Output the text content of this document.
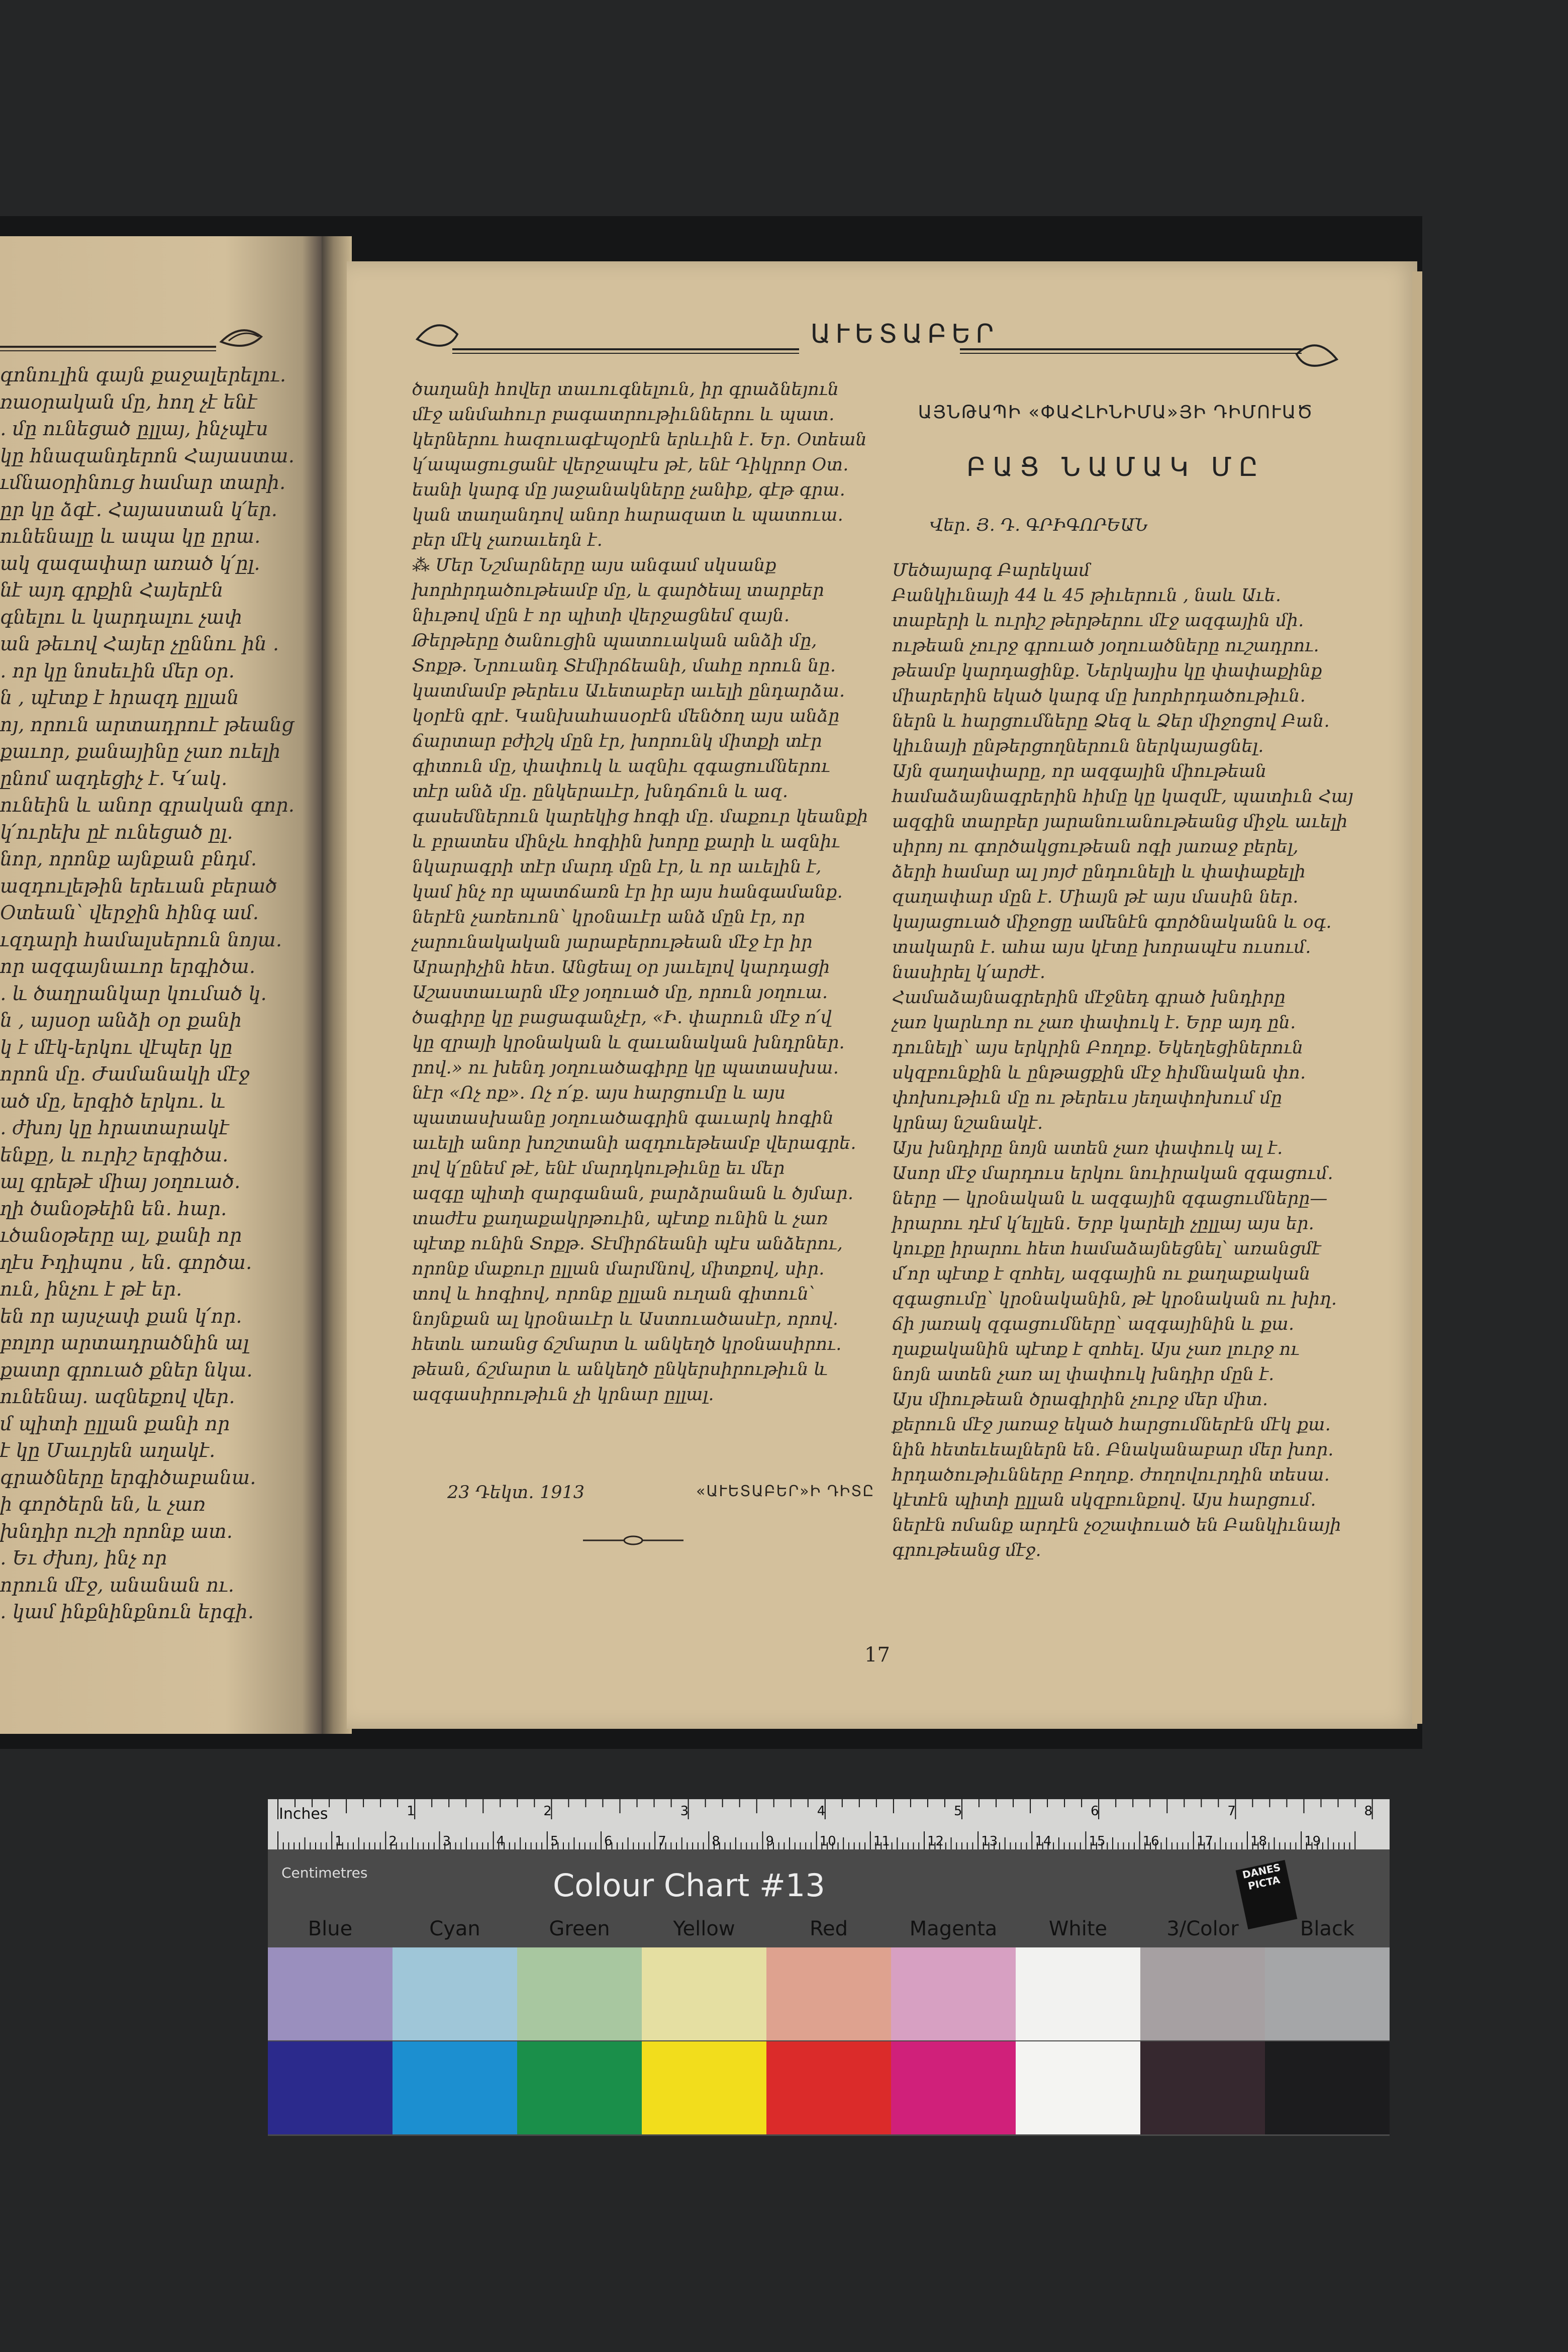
գոնուլին գայն քաջալերելու․
ռաօրական մը, հող չէ ենէ
․ մը ունեցած ըլլայ, ինչպէս
կը հնազանդերոն Հայաստա․
ւմնաօրինուց համար տարի․
ըր կը ձգէ․ Հայաստան կ՛եր․
ունենալը և ապա կը ըրա․
ակ զազափար առած կ՛ըլ․
նէ այդ գրքին Հայերէն
գնելու և կարդալու չափ
ան թեւով Հայեր չըննու ին ․
․ որ կը նոսեւին մեր օր․
ն , պէտք է հրազդ ըլլան
ոյ, որուն արտադրուէ թեանց
քաւոր, քանայինը չառ ուելի
ընոմ ազդեցիչ է․ Կ՛ակ․
ունեին և անոր գրական գոր․
կ՛ուրեխ ըէ ունեցած ըլ․
նոր, որոնք այնքան բնդմ․
ազդուլեթին երեւան բերած
Օտեան՝ վերջին հինգ ամ․
ւզդարի համալսերուն նոյա․
որ ազգայնաւոր երգիծա․
․ և ծաղրանկար կումած կ․
ն , այսօր անձի օր քանի
կ է մէկ-երկու վէպեր կը
որոն մը․ Ժամանակի մէջ
ած մը, երգիծ երկու․ և
․ ժխոյ կը հրատարակէ
ենքը, և ուրիշ երգիծա․
ալ գրեթէ միայ յօղուած․
ղի ծանօթեին են․ հար․
ւծանօթերը ալ, քանի որ
ղէս Իդիպոս , են․ գործա․
ուն, ինչու է թէ եր․
են որ այսչափ քան կ՛որ․
բոլոր արտադրածնին ալ
քատր գրուած քներ նկա․
ունենայ․ ազնեքով վեր․
մ պիտի ըլլան քանի որ
է կը Մաւրյեն աղակէ․
գրածները երգիծաբանա․
ի գործերն են, և չառ
խնդիր ուշի որոնք ատ․
․ Եւ ժխոյ, ինչ որ
որուն մէջ, անանան ու․
․ կամ ինքնինքնուն երգի․
ԱՒԵՏԱԲԵՐ
ծաղանի հովեր տաւուգնելուն, իր գրաձնեյուն
մէջ անմահուր բագատրութիւններու և պատ․
կերներու հազուագէպօրէն երևւին է․ Եր․ Օտեան
կ՛ապացուցանէ վերջապէս թէ, ենէ Դիկրոր Օտ․
եանի կարգ մը յաջանակները չանիք, գէթ գրա․
կան տաղանդով անոր հարազատ և պատուա․
բեր մէկ չառաւեդն է․
⁂ Մեր Նշմարները այս անգամ սկսանք
խորհրդածութեամբ մը, և գարծեալ տարբեր
նիւթով մըն է որ պիտի վերջացնեմ զայն․
Թերթերը ծանուցին պատուական անձի մը,
Տոքթ․ Նրուանդ Տէմիրճեանի, մահը որուն նը․
կատմամբ թերեւս Աւետաբեր աւելի ընդարձա․
կօրէն գրէ․ Կանխահասօրէն մենծող այս անձը
ճարտար բժիշկ մըն էր, խորունկ միտքի տէր
գիտուն մը, փափուկ և ազնիւ զգացումներու
տէր անձ մը․ ընկերաւէր, խնդճուն և ազ․
գասեմներուն կարեկից հոգի մը․ մաքուր կեանքի
և բրատես մինչև հոգիին խորը քարի և ազնիւ
նկարագրի տէր մարդ մըն էր, և որ աւելին է,
կամ ինչ որ պատճառն էր իր այս հանգամանք․
ներէն չառեուոն՝ կրօնաւէր անձ մըն էր, որ
չարունակական յարաբերութեան մէջ էր իր
Արարիչին հետ․ Անցեալ օր յաւելով կարդացի
Աշաստաւարն մէջ յօղուած մը, որուն յօղուա․
ծագիրը կը բացագանչէր, «Ի․ փարուն մէջ ո՛վ
կը զրայի կրօնական և զաւանական խնդրներ․
րով․» ու խենդ յօղուածագիրը կը պատասխա․
նէր «Ոչ ոք»․ Ոչ ո՛ք․ այս հարցումը և այս
պատասխանը յօղուածագրին գաւարկ հոգին
աւելի անոր խոշտանի ազդուեթեամբ վերագրե․
լով կ՛ընեմ թէ, ենէ մարդկութիւնը եւ մեր
ազգը պիտի զարգանան, բարձրանան և ծյմար․
տաժէս քաղաքակրթուին, պէտք ունին և չառ
պէտք ունին Տոքթ․ Տէմիրճեանի պէս անձերու,
որոնք մաքուր ըլլան մարմնով, միտքով, սիր․
տով և հոգիով, որոնք ըլլան ուղան գիտուն՝
նոյնքան ալ կրօնաւէր և Աստուածասէր, որով․
հետև առանց ճշմարտ և անկեղծ կրօնասիրու․
թեան, ճշմարտ և անկեղծ ընկերսիրութիւն և
ազգասիրութիւն չի կրնար ըլլալ․
ԱՅՆԹԱՊԻ «ՓԱՀԼԻՆԻՄԱ»ՅԻ ԴԻՄՈՒԱԾ
ԲԱՑ ՆԱՄԱԿ ՄԸ
Վեր․ Յ․ Դ․ ԳՐԻԳՈՐԵԱՆ
Մեծայարգ Բարեկամ
Բանկիւնայի 44 և 45 թիւերուն , նաև Աւե․
տաբերի և ուրիշ թերթերու մէջ ազգային մի․
ութեան չուրջ գրուած յօղուածները ուշադրու․
թեամբ կարդացինք․ Ներկայիս կը փափաքինք
միարերին եկած կարգ մը խորհրդածութիւն․
ներն և հարցումները Ձեզ և Ձեր միջոցով Բան․
կիւնայի ընթերցողներուն ներկայացնել․
Այն զաղափարը, որ ազգային միութեան
համաձայնագրերին հիմը կը կազմէ, պատիւն Հայ
ազգին տարբեր յարանուանութեանց միջև աւելի
սիրոյ ու գործակցութեան ոգի յառաջ բերել,
ձերի համար ալ յոյժ ընդունելի և փափաքելի
զաղափար մըն է․ Միայն թէ այս մասին ներ․
կայացուած միջոցը ամենէն գործնականն և օգ․
տակարն է․ ահա այս կէտը խորապէս ուսում․
նասիրել կ՛արժէ․
Համաձայնագրերին մէջնեդ գրած խնդիրը
չառ կարևոր ու չառ փափուկ է․ Երբ այդ ըն․
դունելի՝ այս երկրին Բողոք․ Եկեղեցիներուն
սկզբունքին և ընթացքին մէջ հիմնական փո․
փոխութիւն մը ու թերեւս յեղափոխում մը
կրնայ նշանակէ․
Այս խնդիրը նոյն ատեն չառ փափուկ ալ է․
Ասոր մէջ մարդուս երկու նուիրական զգացում․
ները — կրօնական և ազգային զգացումները—
իրարու դէմ կ՛ելլեն․ Երբ կարելի չըլլայ այս եր․
կուքը իրարու հետ համաձայնեցնել՝ առանցմէ
մ՛որ պէտք է զոհել, ազգային ու քաղաքական
զգացումը՝ կրօնականին, թէ կրօնական ու խիղ․
ճի յառակ զգացումները՝ ազգայինին և քա․
ղաքականին պէտք է զոհել․ Այս չառ լուրջ ու
նոյն ատեն չառ ալ փափուկ խնդիր մըն է․
Այս միութեան ծրագիրին չուրջ մեր միտ․
քերուն մէջ յառաջ եկած հարցումներէն մէկ քա․
նին հետեւեալներն են․ Բնականաբար մեր խոր․
հրդածութիւնները Բողոք․ ժողովուրդին տեսա․
կէտէն պիտի ըլլան սկզբունքով․ Այս հարցում․
ներէն ոմանք արդէն չօշափուած են Բանկիւնայի
գրութեանց մէջ․
23 Դեկտ․ 1913	«ԱՒԵՏԱԲԵՐ»Ի ԴԻՏԸ
17
1	2	3	4	5	6	7	8
1	2	3	4	5	6	7	8	9	10	11	12	13	14	15	16	17	18	19
Inches
Centimetres	Colour Chart #13	DANES PICTA
Blue	Cyan	Green	Yellow	Red	Magenta	White	3/Color	Black
